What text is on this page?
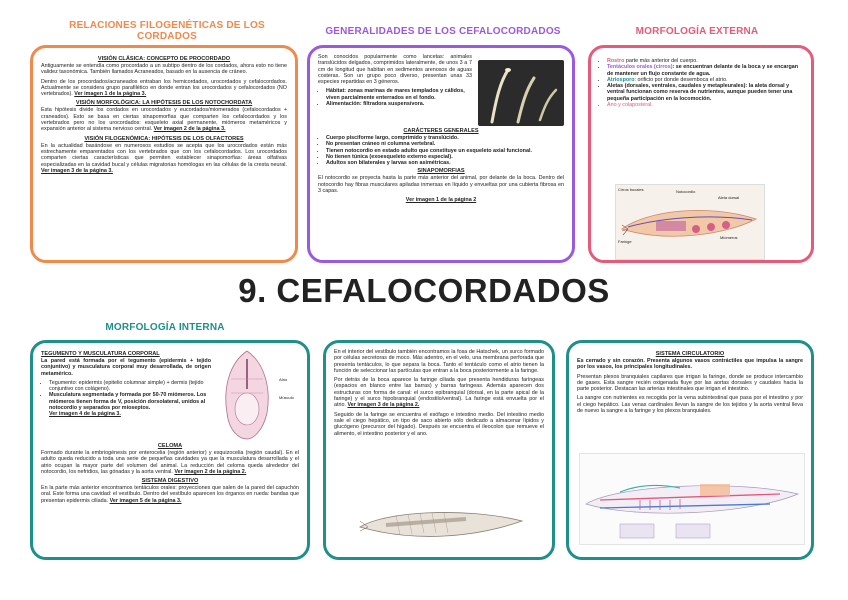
RELACIONES FILOGENÉTICAS DE LOS CORDADOS
VISIÓN CLÁSICA: CONCEPTO DE PROCORDADO

Antiguamente se entendía como procordado a un subtipo dentro de los cordados, ahora esto no tiene validez taxonómica. También llamados Acraneados, basado en la ausencia de cráneo.

Dentro de los procordados/acraneados entraban los hemicordados, urocordados y cefalocordados. Actualmente se considera grupo parafilético en donde entran los urocordados y cefalocordados (NO vertebrados). Ver imagen 1 de la página 3.

VISIÓN MORFOLÓGICA: LA HIPÓTESIS DE LOS NOTOCHORDATA

Esta hipótesis divide los cordados en urocordados y eucordados/miomerados (cefalocordados + craneados). Esto se basa en ciertas sinapomorfias que comparten los cefalocordados y los vertebrados pero no los urocordados: esqueleto axial permanente, miómeros metaméricos y expansión anterior al sistema nervioso central. Ver imagen 2 de la página 3.

VISIÓN FILOGENÓMICA: HIPÓTESIS DE LOS OLFACTORES

En la actualidad basándose en numerosos estudios se acepta que los urocordados están más estrechamente emparentados con los vertebrados que con los cefalocordados. Los urocordados comparten ciertas características que permiten establecer sinapomorfias: áreas olfativas especializadas en la cavidad bucal y células migratorias homólogas en las células de la cresta neural. Ver imagen 3 de la página 3.

GENERALIDADES DE LOS CEFALOCORDADOS

Son conocidos popularmente como lancetas: animales translúcidos delgados, comprimidos lateralmente, de unos 3 a 7 cm de longitud que habitan en sedimentos arenosos de aguas costeras. Son un grupo poco diverso, presentan unas 33 especies repartidas en 3 géneros.

• Hábitat: zonas marinas de mares templados y cálidos, viven parcialmente enterrados en el fondo.
• Alimentación: filtradora suspensívora.
CARÁCTERES GENERALES
• Cuerpo pisciforme largo, comprimido y translúcido.
• No presentan cráneo ni columna vertebral.
• Tienen notocordio en estado adulto que constituye un esqueleto axial funcional.
• No tienen túnica (exoesqueleto externo especial).
• Adultos son bilaterales y larvas son asimétricas.
SINAPOMORFIAS

El notocordio se proyecta hasta la parte más anterior del animal, por delante de la boca. Dentro del notocordio hay fibras musculares apiladas inmersas en líquido y envueltas por una cubierta fibrosa en 3 capas.

Ver imagen 1 de la página 2
MORFOLOGÍA EXTERNA
• Rostro parte más anterior del cuerpo.
• Tentáculos orales (cirros): se encuentran delante de la boca y se encargan de mantener un flujo constante de agua.
• Atriosporo: orificio por donde desemboca el atrio.
• Aletas (dorsales, ventrales, caudales y metapleurales): la aleta dorsal y ventral funcionan como reserva de nutrientes, aunque pueden tener una pequeña participación en la locomoción.
• Ano y colaposteral.
Cirros bucales
Faringe
Notocordio
Miómeros
Aleta dorsal
9. CEFALOCORDADOS
MORFOLOGÍA INTERNA
TEGUMENTO Y MUSCULATURA CORPORAL

La pared está formada por el tegumento (epidermis + tejido conjuntivo) y musculatura corporal muy desarrollada, de origen metamérico.

• Tegumento: epidermis (epitelio columnar simple) + dermis (tejido conjuntivo con colágeno).
• Musculatura segmentada y formada por 50-70 miómeros. Los miómeros tienen forma de V, posición dorsolateral, unidos al notocordio y separados por mioseptos.
Ver imagen 4 de la página 3.
Atrio
Músculo
CELOMA

Formado durante la embriogénesis por enterocelia (región anterior) y esquizocelia (región caudal). En el adulto queda reducido a toda una serie de pequeñas cavidades ya que la musculatura desarrollada y el atrio ocupan la mayor parte del volumen del animal. La reducción del celoma queda alrededor del notocordio, los nefridios, las gónadas y la aorta ventral. Ver imagen 2 de la página 2.

SISTEMA DIGESTIVO

En la parte más anterior encontramos tentáculos orales: proyecciones que salen de la pared del capuchón oral. Este forma una cavidad: el vestíbulo. Dentro del vestíbulo aparecen los órganos en rueda: bandas que presentan epidermis ciliada. Ver imagen 5 de la página 3.

En el interior del vestíbulo también encontramos la fosa de Hatschek, un surco formado por células secretoras de moco. Más adentro, en el velo, una membrana perforada que presenta tentáculos, lo que separa la boca. Tanto el tentáculo como el atrio tienen la función de seleccionar las partículas que entran a la boca posteriormente a la faringe.

Por detrás de la boca aparece la faringe ciliada que presenta hendiduras faríngeas (espacios en blanco entre las barras) y barras faríngeas. Además aparecen dos estructuras con forma de canal: el surco epibranquial (dorsal, en la parte apical de la faringe) y el surco hipobranquial (endostilo/ventral). La faringe está envuelta por el atrio. Ver imagen 3 de la página 2.

Seguido de la faringe se encuentra el esófago e intestino medio. Del intestino medio sale el ciego hepático, un tipo de saco abierto sólo dedicado a almacenar lípidos y glucógeno (precursor del hígado). Después se encuentra el ileocolon que remueve el alimento, el intestino posterior y el ano.

SISTEMA CIRCULATORIO

Es cerrado y sin corazón. Presenta algunos vasos contráctiles que impulsa la sangre por los vasos, los principales longitudinales.

Presentan plexos branquiales capilares que irrigan la faringe, donde se produce intercambio de gases. Esta sangre recién oxigenada fluye por las aortas dorsales y caudales hacia la parte posterior. Destacan las arterias intestinales que irrigan el intestino.

La sangre con nutrientes es recogida por la vena subintestinal que pasa por el intestino y por el ciego hepático. Las venas cardinales llevan la sangre de los tejidos y la aorta ventral lleva de nuevo la sangre a la faringe y los plexos branquiales.
